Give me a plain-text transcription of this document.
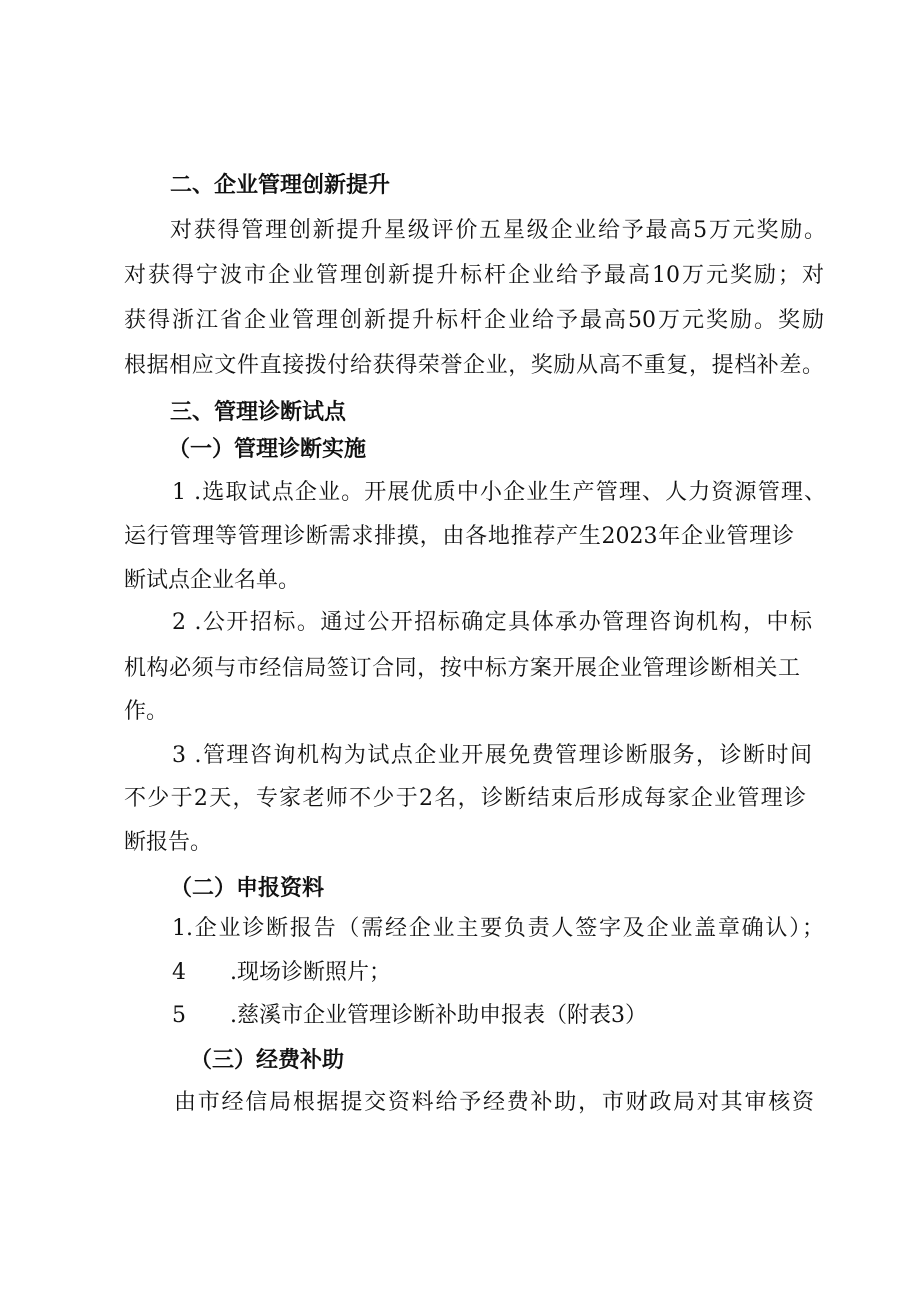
二、企业管理创新提升

对获得管理创新提升星级评价五星级企业给予最高5万元奖励。

对获得宁波市企业管理创新提升标杆企业给予最高10万元奖励；对

获得浙江省企业管理创新提升标杆企业给予最高50万元奖励。奖励

根据相应文件直接拨付给获得荣誉企业，奖励从高不重复，提档补差。

三、管理诊断试点

（一）管理诊断实施

1 .选取试点企业。开展优质中小企业生产管理、人力资源管理、

运行管理等管理诊断需求排摸，由各地推荐产生2023年企业管理诊

断试点企业名单。

2 .公开招标。通过公开招标确定具体承办管理咨询机构，中标

机构必须与市经信局签订合同，按中标方案开展企业管理诊断相关工

作。

3 .管理咨询机构为试点企业开展免费管理诊断服务，诊断时间

不少于2天，专家老师不少于2名，诊断结束后形成每家企业管理诊

断报告。

（二）申报资料

1.企业诊断报告（需经企业主要负责人签字及企业盖章确认）；

4 .现场诊断照片；

5 .慈溪市企业管理诊断补助申报表（附表3）

（三）经费补助

由市经信局根据提交资料给予经费补助，市财政局对其审核资
